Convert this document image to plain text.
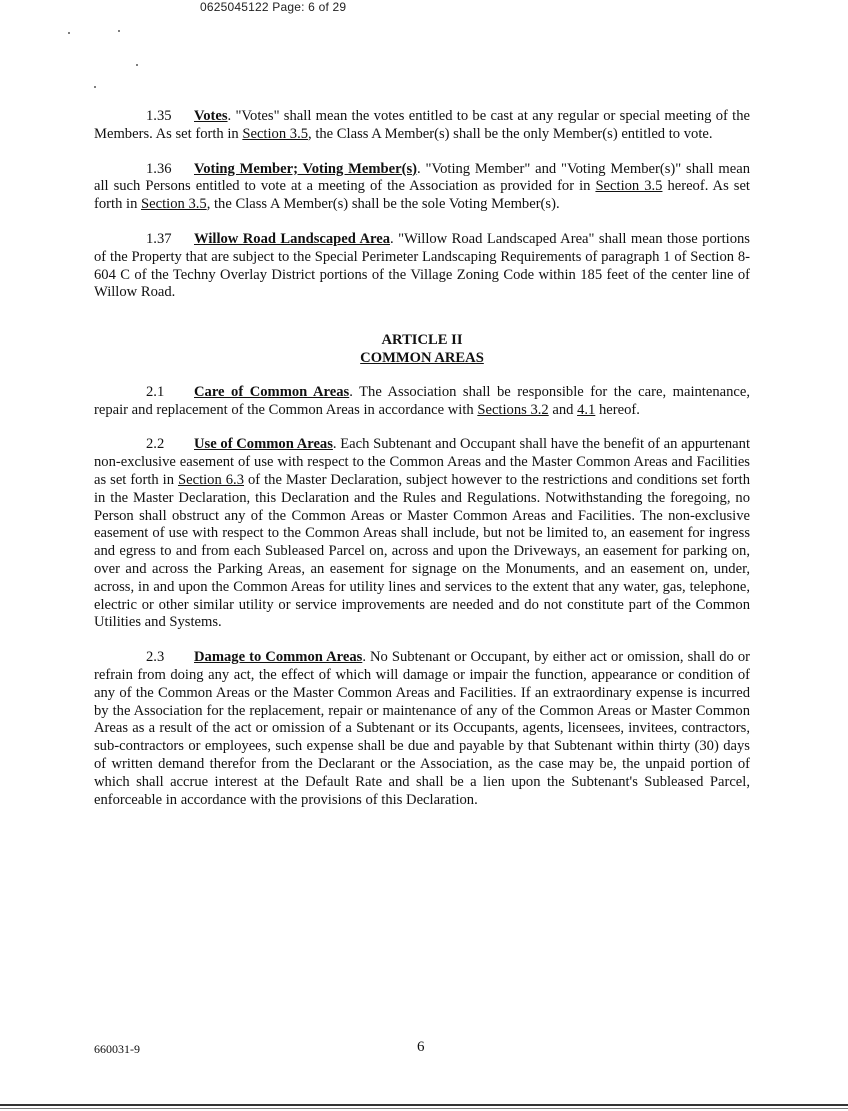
0625045122 Page: 6 of 29

1.35 Votes. "Votes" shall mean the votes entitled to be cast at any regular or special meeting of the Members. As set forth in Section 3.5, the Class A Member(s) shall be the only Member(s) entitled to vote.

1.36 Voting Member; Voting Member(s). "Voting Member" and "Voting Member(s)" shall mean all such Persons entitled to vote at a meeting of the Association as provided for in Section 3.5 hereof. As set forth in Section 3.5, the Class A Member(s) shall be the sole Voting Member(s).

1.37 Willow Road Landscaped Area. "Willow Road Landscaped Area" shall mean those portions of the Property that are subject to the Special Perimeter Landscaping Requirements of paragraph 1 of Section 8-604 C of the Techny Overlay District portions of the Village Zoning Code within 185 feet of the center line of Willow Road.

ARTICLE II
COMMON AREAS

2.1 Care of Common Areas. The Association shall be responsible for the care, maintenance, repair and replacement of the Common Areas in accordance with Sections 3.2 and 4.1 hereof.

2.2 Use of Common Areas. Each Subtenant and Occupant shall have the benefit of an appurtenant non-exclusive easement of use with respect to the Common Areas and the Master Common Areas and Facilities as set forth in Section 6.3 of the Master Declaration, subject however to the restrictions and conditions set forth in the Master Declaration, this Declaration and the Rules and Regulations. Notwithstanding the foregoing, no Person shall obstruct any of the Common Areas or Master Common Areas and Facilities. The non-exclusive easement of use with respect to the Common Areas shall include, but not be limited to, an easement for ingress and egress to and from each Subleased Parcel on, across and upon the Driveways, an easement for parking on, over and across the Parking Areas, an easement for signage on the Monuments, and an easement on, under, across, in and upon the Common Areas for utility lines and services to the extent that any water, gas, telephone, electric or other similar utility or service improvements are needed and do not constitute part of the Common Utilities and Systems.

2.3 Damage to Common Areas. No Subtenant or Occupant, by either act or omission, shall do or refrain from doing any act, the effect of which will damage or impair the function, appearance or condition of any of the Common Areas or the Master Common Areas and Facilities. If an extraordinary expense is incurred by the Association for the replacement, repair or maintenance of any of the Common Areas or Master Common Areas as a result of the act or omission of a Subtenant or its Occupants, agents, licensees, invitees, contractors, sub-contractors or employees, such expense shall be due and payable by that Subtenant within thirty (30) days of written demand therefor from the Declarant or the Association, as the case may be, the unpaid portion of which shall accrue interest at the Default Rate and shall be a lien upon the Subtenant's Subleased Parcel, enforceable in accordance with the provisions of this Declaration.

660031-9	6
